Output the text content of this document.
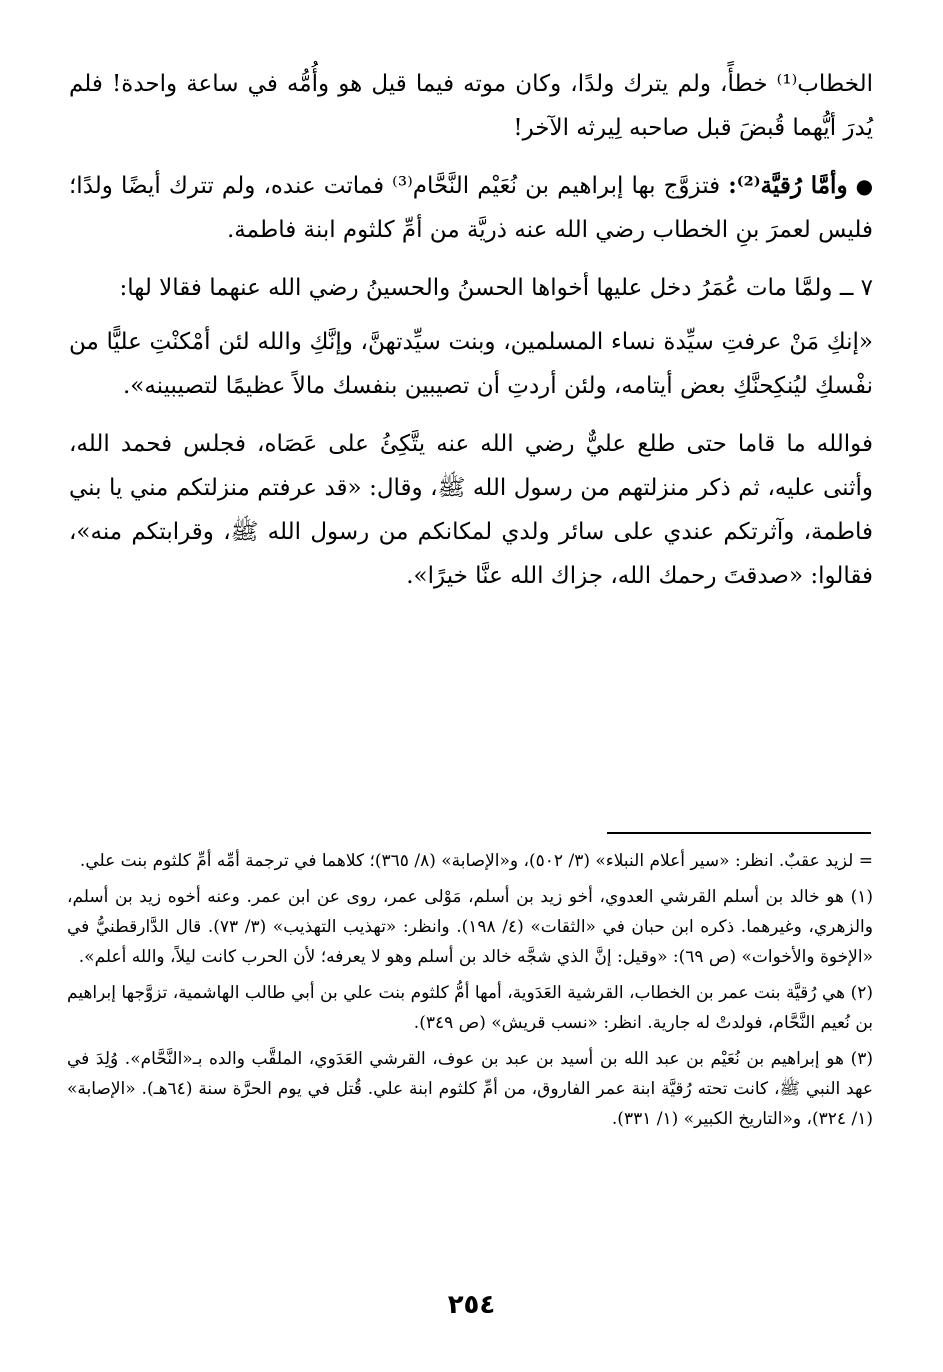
الخطاب⁽¹⁾ خطأً، ولم يترك ولدًا، وكان موته فيما قيل هو وأُمُّه في ساعة واحدة! فلم يُدرَ أيُّهما قُبضَ قبل صاحبه لِيرثه الآخر!

●وأمَّا رُقيَّة⁽²⁾: فتزوَّج بها إبراهيم بن نُعَيْم النَّحَّام⁽³⁾ فماتت عنده، ولم تترك أيضًا ولدًا؛ فليس لعمرَ بنِ الخطاب رضي الله عنه ذريَّة من أمِّ كلثوم ابنة فاطمة.

٧ ــ ولمَّا مات عُمَرُ دخل عليها أخواها الحسنُ والحسينُ رضي الله عنهما فقالا لها:

«إنكِ مَنْ عرفتِ سيِّدة نساء المسلمين، وبنت سيِّدتهنَّ، وإنَّكِ والله لئن أمْكنْتِ عليًّا من نفْسكِ ليُنكِحنَّكِ بعض أيتامه، ولئن أردتِ أن تصيبين بنفسك مالاً عظيمًا لتصيبينه».

فوالله ما قاما حتى طلع عليٌّ رضي الله عنه يتَّكِئُ على عَصَاه، فجلس فحمد الله، وأثنى عليه، ثم ذكر منزلتهم من رسول الله ﷺ، وقال: «قد عرفتم منزلتكم مني يا بني فاطمة، وآثرتكم عندي على سائر ولدي لمكانكم من رسول الله ﷺ، وقرابتكم منه»، فقالوا: «صدقتَ رحمك الله، جزاك الله عنَّا خيرًا».

= لزيد عقبٌ. انظر: «سير أعلام النبلاء» (٣/ ٥٠٢)، و«الإصابة» (٨/ ٣٦٥)؛ كلاهما في ترجمة أمِّه أمِّ كلثوم بنت علي.

(١) هو خالد بن أسلم القرشي العدوي، أخو زيد بن أسلم، مَوْلى عمر، روى عن ابن عمر. وعنه أخوه زيد بن أسلم، والزهري، وغيرهما. ذكره ابن حبان في «الثقات» (٤/ ١٩٨). وانظر: «تهذيب التهذيب» (٣/ ٧٣). قال الدَّارقطنيُّ في «الإخوة والأخوات» (ص ٦٩): «وقيل: إنَّ الذي شجَّه خالد بن أسلم وهو لا يعرفه؛ لأن الحرب كانت ليلاً، والله أعلم».

(٢) هي رُقيَّة بنت عمر بن الخطاب، القرشية العَدَوية، أمها أمُّ كلثوم بنت علي بن أبي طالب الهاشمية، تزوَّجها إبراهيم بن نُعيم النَّحَّام، فولدتْ له جارية. انظر: «نسب قريش» (ص ٣٤٩).

(٣) هو إبراهيم بن نُعَيْم بن عبد الله بن أسيد بن عبد بن عوف، القرشي العَدَوي، الملقَّب والده بـ«النَّحَّام». وُلِدَ في عهد النبي ﷺ، كانت تحته رُقيَّة ابنة عمر الفاروق، من أمِّ كلثوم ابنة علي. قُتل في يوم الحرَّة سنة (٦٤هـ). «الإصابة» (١/ ٣٢٤)، و«التاريخ الكبير» (١/ ٣٣١).

٢٥٤
